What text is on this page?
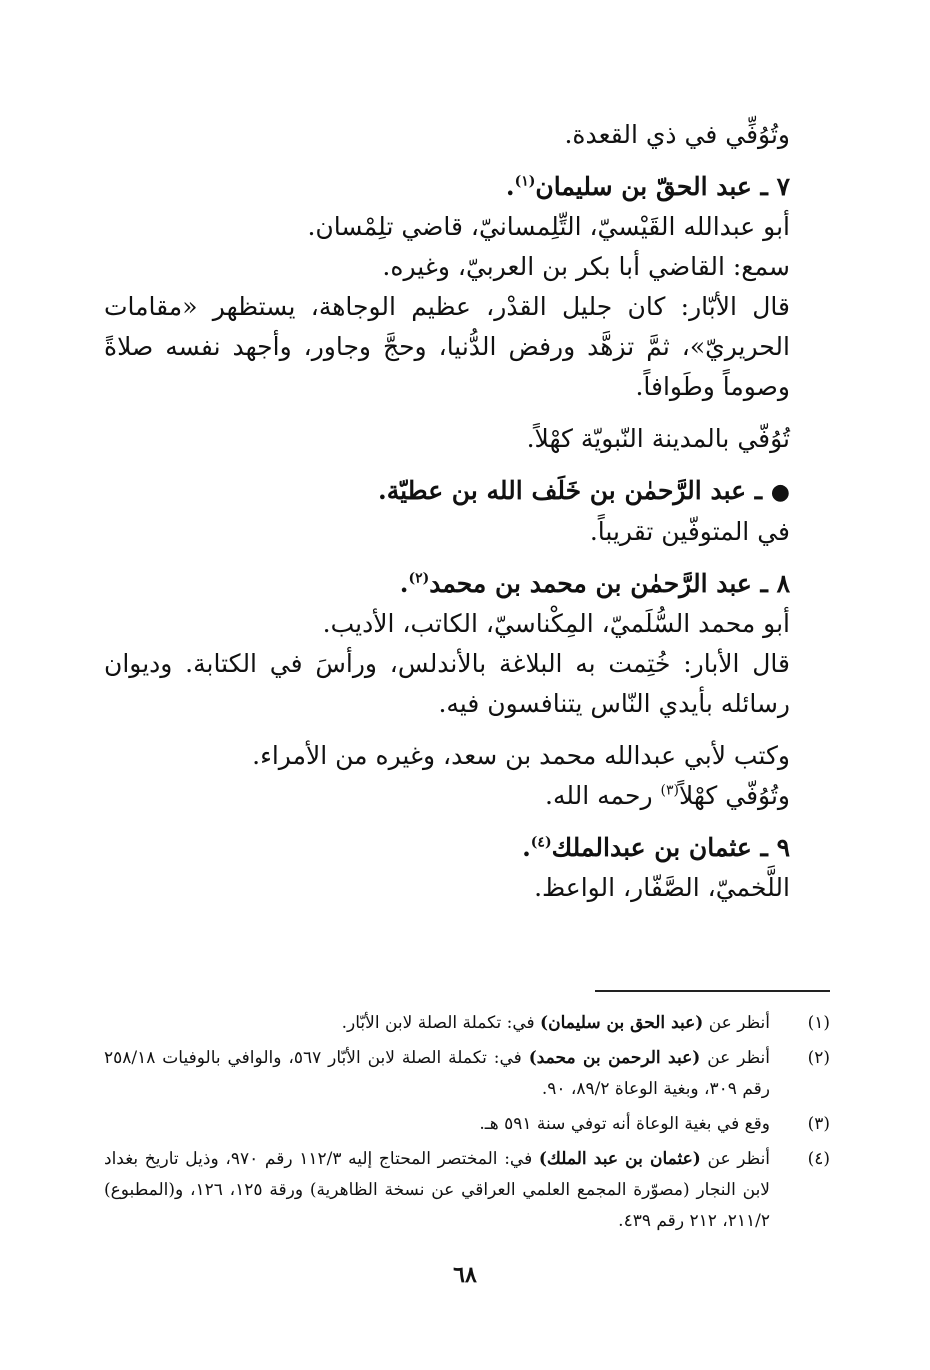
وتُوُفِّي في ذي القعدة.

٧ ـ عبد الحقّ بن سليمان$^{(١)}$.

أبو عبدالله القَيْسيّ، التِّلِمسانيّ، قاضي تلِمْسان.

سمع: القاضي أبا بكر بن العربيّ، وغيره.

قال الأبّار: كان جليل القدْر، عظيم الوجاهة، يستظهر «مقامات الحريريّ»، ثمَّ تزهَّد ورفض الدُّنيا، وحجَّ وجاور، وأجهد نفسه صلاةً وصوماً وطَوافاً.

تُوُفّي بالمدينة النّبويّة كهْلاً.

● ـ عبد الرَّحمٰن بن خَلَف الله بن عطيّة.

في المتوفّين تقريباً.

٨ ـ عبد الرَّحمٰن بن محمد بن محمد$^{(٢)}$.

أبو محمد السُّلَميّ، المِكْناسيّ، الكاتب، الأديب.

قال الأبار: خُتِمت به البلاغة بالأندلس، ورأسَ في الكتابة. وديوان رسائله بأيدي النّاس يتنافسون فيه.

وكتب لأبي عبدالله محمد بن سعد، وغيره من الأمراء.

وتُوُفّي كهْلاً$^{(٣)}$ رحمه الله.

٩ ـ عثمان بن عبدالملك$^{(٤)}$.

اللَّخميّ، الصَّفّار، الواعظ.

(١)
أنظر عن (عبد الحق بن سليمان) في: تكملة الصلة لابن الأبّار.
(٢)
أنظر عن (عبد الرحمن بن محمد) في: تكملة الصلة لابن الأبّار ٥٦٧، والوافي بالوفيات ٢٥٨/١٨ رقم ٣٠٩، وبغية الوعاة ٨٩/٢، ٩٠.
(٣)
وقع في بغية الوعاة أنه توفي سنة ٥٩١ هـ.
(٤)
أنظر عن (عثمان بن عبد الملك) في: المختصر المحتاج إليه ١١٢/٣ رقم ٩٧٠، وذيل تاريخ بغداد لابن النجار (مصوّرة المجمع العلمي العراقي عن نسخة الظاهرية) ورقة ١٢٥، ١٢٦، و(المطبوع) ٢١١/٢، ٢١٢ رقم ٤٣٩.
٦٨
